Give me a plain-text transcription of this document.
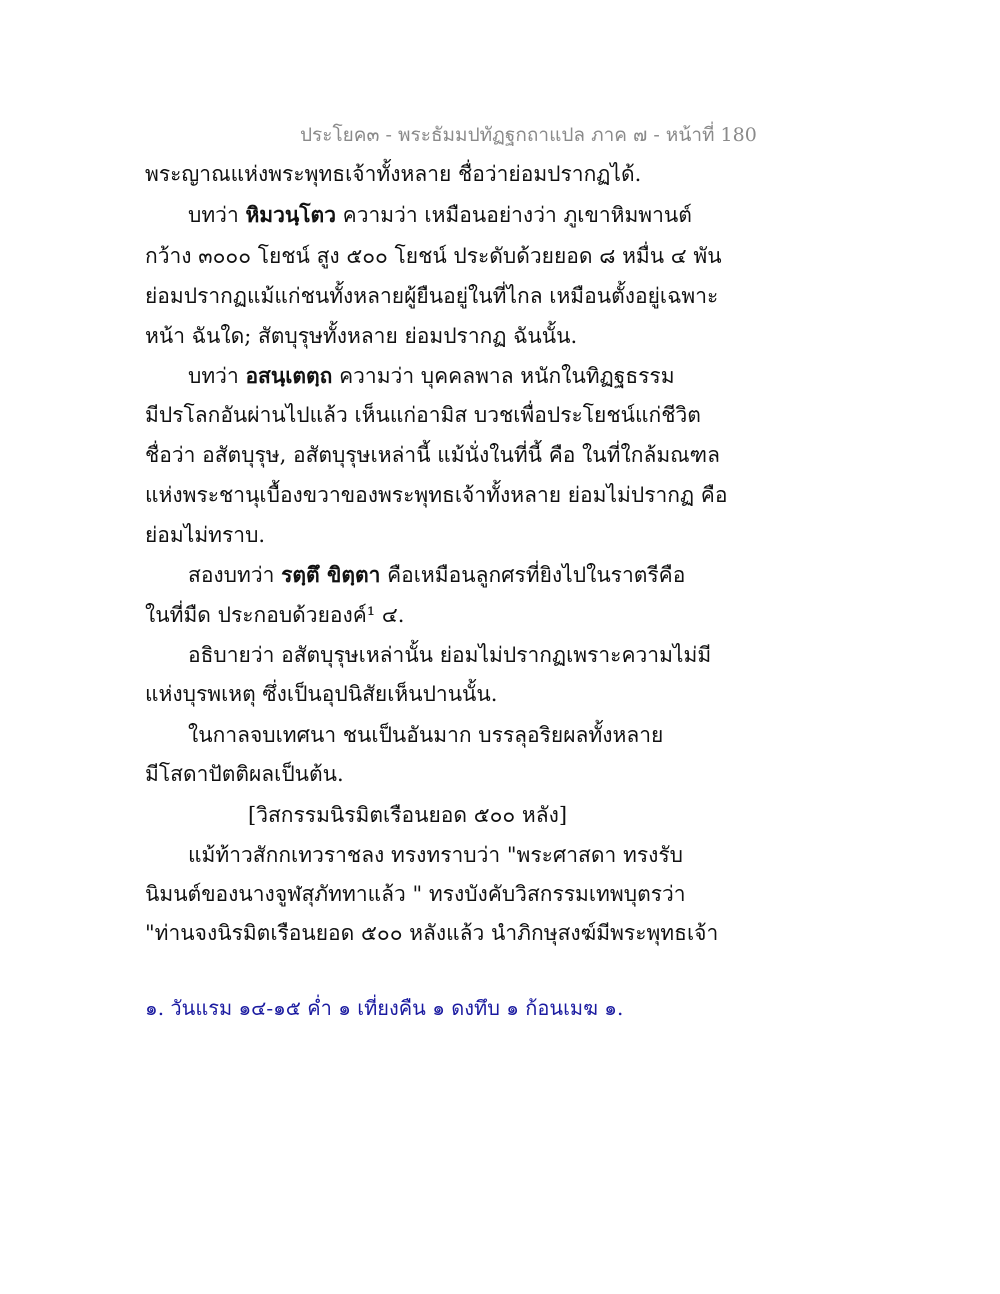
ประโยค๓ - พระธัมมปทัฏฐกถาแปล ภาค ๗ - หน้าที่ 180
พระญาณแห่งพระพุทธเจ้าทั้งหลาย ชื่อว่าย่อมปรากฏได้.
บทว่า หิมวนฺโตว ความว่า เหมือนอย่างว่า ภูเขาหิมพานต์
กว้าง ๓๐๐๐ โยชน์ สูง ๕๐๐ โยชน์ ประดับด้วยยอด ๘ หมื่น ๔ พัน
ย่อมปรากฏแม้แก่ชนทั้งหลายผู้ยืนอยู่ในที่ไกล เหมือนตั้งอยู่เฉพาะ
หน้า ฉันใด; สัตบุรุษทั้งหลาย ย่อมปรากฏ ฉันนั้น.
บทว่า อสนฺเตตฺถ ความว่า บุคคลพาล หนักในทิฏฐธรรม
มีปรโลกอันผ่านไปแล้ว เห็นแก่อามิส บวชเพื่อประโยชน์แก่ชีวิต
ชื่อว่า อสัตบุรุษ, อสัตบุรุษเหล่านี้ แม้นั่งในที่นี้ คือ ในที่ใกล้มณฑล
แห่งพระชานุเบื้องขวาของพระพุทธเจ้าทั้งหลาย ย่อมไม่ปรากฏ คือ
ย่อมไม่ทราบ.
สองบทว่า รตฺตึ ขิตฺตา คือเหมือนลูกศรที่ยิงไปในราตรีคือ
ในที่มืด ประกอบด้วยองค์¹ ๔.
อธิบายว่า อสัตบุรุษเหล่านั้น ย่อมไม่ปรากฏเพราะความไม่มี
แห่งบุรพเหตุ ซึ่งเป็นอุปนิสัยเห็นปานนั้น.
ในกาลจบเทศนา ชนเป็นอันมาก บรรลุอริยผลทั้งหลาย
มีโสดาปัตติผลเป็นต้น.
[วิสกรรมนิรมิตเรือนยอด ๕๐๐ หลัง]
แม้ท้าวสักกเทวราชลง ทรงทราบว่า "พระศาสดา ทรงรับ
นิมนต์ของนางจูฬสุภัททาแล้ว " ทรงบังคับวิสกรรมเทพบุตรว่า
"ท่านจงนิรมิตเรือนยอด ๕๐๐ หลังแล้ว นำภิกษุสงฆ์มีพระพุทธเจ้า
๑. วันแรม ๑๔-๑๕ ค่ำ ๑ เที่ยงคืน ๑ ดงทึบ ๑ ก้อนเมฆ ๑.
